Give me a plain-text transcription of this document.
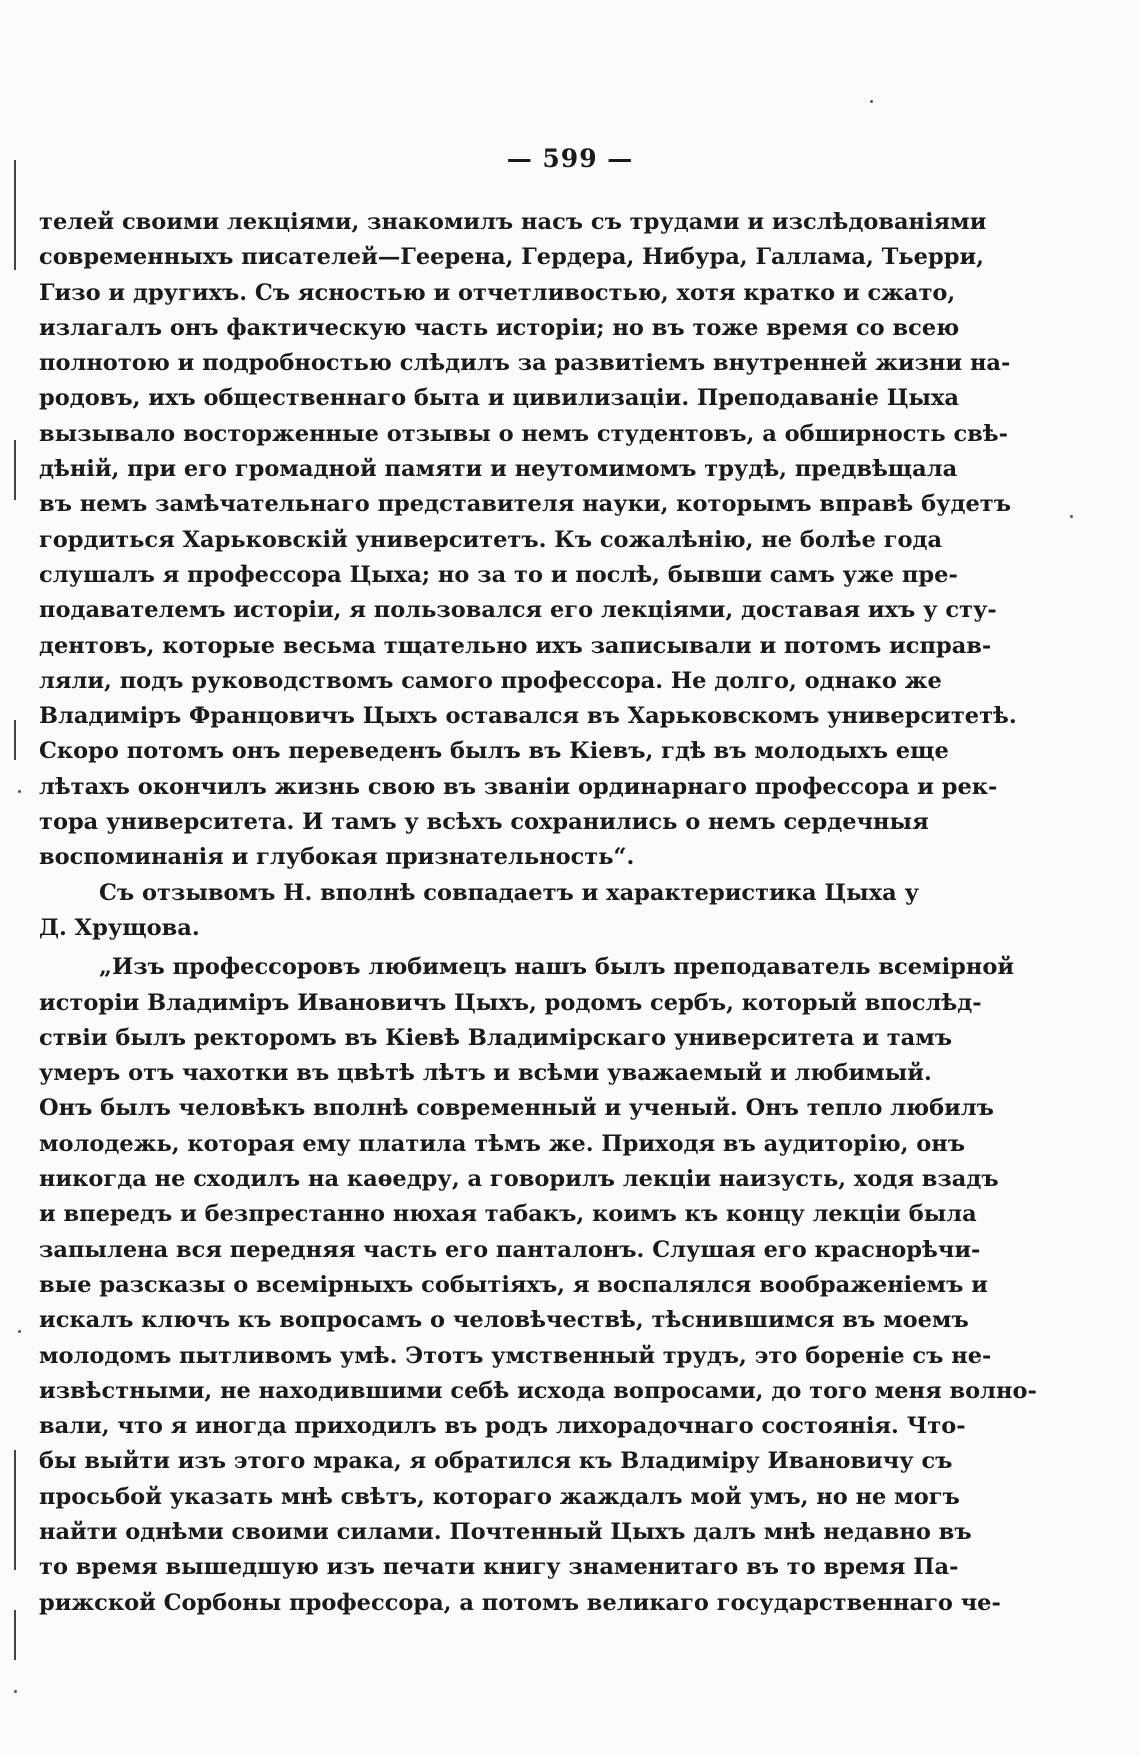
— 599 —
телей своими лекціями, знакомилъ насъ съ трудами и изслѣдованіями
современныхъ писателей—Геерена, Гердера, Нибура, Галлама, Тьерри,
Гизо и другихъ. Съ ясностью и отчетливостью, хотя кратко и сжато,
излагалъ онъ фактическую часть исторіи; но въ тоже время со всею
полнотою и подробностью слѣдилъ за развитіемъ внутренней жизни на-
родовъ, ихъ общественнаго быта и цивилизаціи. Преподаваніе Цыха
вызывало восторженные отзывы о немъ студентовъ, а обширность свѣ-
дѣній, при его громадной памяти и неутомимомъ трудѣ, предвѣщала
въ немъ замѣчательнаго представителя науки, которымъ вправѣ будетъ
гордиться Харьковскій университетъ. Къ сожалѣнію, не болѣе года
слушалъ я профессора Цыха; но за то и послѣ, бывши самъ уже пре-
подавателемъ исторіи, я пользовался его лекціями, доставая ихъ у сту-
дентовъ, которые весьма тщательно ихъ записывали и потомъ исправ-
ляли, подъ руководствомъ самого профессора. Не долго, однако же
Владиміръ Францовичъ Цыхъ оставался въ Харьковскомъ университетѣ.
Скоро потомъ онъ переведенъ былъ въ Кіевъ, гдѣ въ молодыхъ еще
лѣтахъ окончилъ жизнь свою въ званіи ординарнаго профессора и рек-
тора университета. И тамъ у всѣхъ сохранились о немъ сердечныя
воспоминанія и глубокая признательность“.
Съ отзывомъ Н. вполнѣ совпадаетъ и характеристика Цыха у
Д. Хрущова.
„Изъ профессоровъ любимецъ нашъ былъ преподаватель всемірной
исторіи Владиміръ Ивановичъ Цыхъ, родомъ сербъ, который впослѣд-
ствіи былъ ректоромъ въ Кіевѣ Владимірскаго университета и тамъ
умеръ отъ чахотки въ цвѣтѣ лѣтъ и всѣми уважаемый и любимый.
Онъ былъ человѣкъ вполнѣ современный и ученый. Онъ тепло любилъ
молодежь, которая ему платила тѣмъ же. Приходя въ аудиторію, онъ
никогда не сходилъ на каѳедру, а говорилъ лекціи наизусть, ходя взадъ
и впередъ и безпрестанно нюхая табакъ, коимъ къ концу лекціи была
запылена вся передняя часть его панталонъ. Слушая его краснорѣчи-
вые разсказы о всемірныхъ событіяхъ, я воспалялся воображеніемъ и
искалъ ключъ къ вопросамъ о человѣчествѣ, тѣснившимся въ моемъ
молодомъ пытливомъ умѣ. Этотъ умственный трудъ, это бореніе съ не-
извѣстными, не находившими себѣ исхода вопросами, до того меня волно-
вали, что я иногда приходилъ въ родъ лихорадочнаго состоянія. Что-
бы выйти изъ этого мрака, я обратился къ Владиміру Ивановичу съ
просьбой указать мнѣ свѣтъ, котораго жаждалъ мой умъ, но не могъ
найти однѣми своими силами. Почтенный Цыхъ далъ мнѣ недавно въ
то время вышедшую изъ печати книгу знаменитаго въ то время Па-
рижской Сорбоны профессора, а потомъ великаго государственнаго че-
